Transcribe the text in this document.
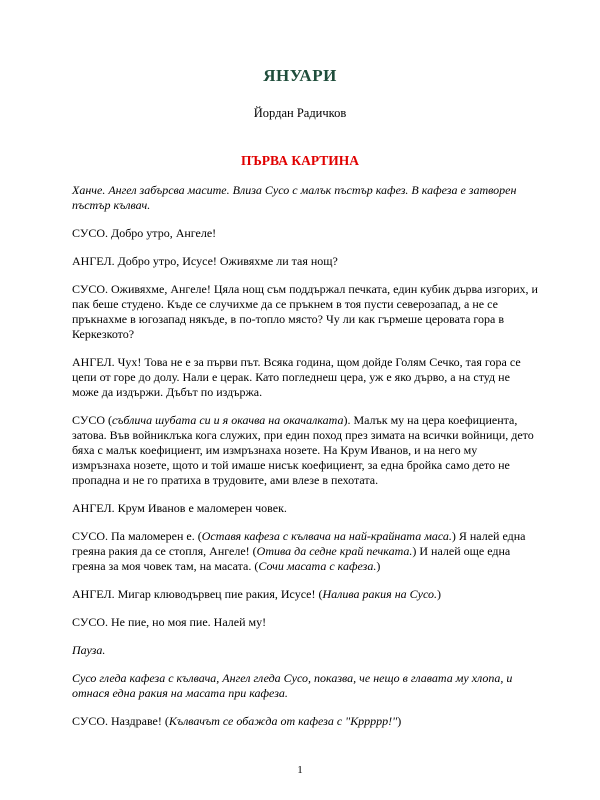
ЯНУАРИ
Йордан Радичков
ПЪРВА КАРТИНА

Ханче. Ангел забърсва масите. Влиза Сусо с малък пъстър кафез. В кафеза е затворен пъстър кълвач.

СУСО. Добро утро, Ангеле!

АНГЕЛ. Добро утро, Исусе! Оживяхме ли тая нощ?

СУСО. Оживяхме, Ангеле! Цяла нощ съм поддържал печката, един кубик дърва изгорих, и пак беше студено. Къде се случихме да се пръкнем в тоя пусти северозапад, а не се пръкнахме в югозапад някъде, в по-топло място? Чу ли как гърмеше церовата гора в Керкезкото?

АНГЕЛ. Чух! Това не е за първи път. Всяка година, щом дойде Голям Сечко, тая гора се цепи от горе до долу. Нали е церак. Като погледнеш цера, уж е яко дърво, а на студ не може да издържи. Дъбът по издържа.

СУСО (съблича шубата си и я окачва на окачалката). Малък му на цера коефициента, затова. Във войниклъка кога служих, при един поход през зимата на всички войници, дето бяха с малък коефициент, им измръзнаха нозете. На Крум Иванов, и на него му измръзнаха нозете, щото и той имаше нисък коефициент, за една бройка само дето не пропадна и не го пратиха в трудовите, ами влезе в пехотата.

АНГЕЛ. Крум Иванов е маломерен човек.

СУСО. Па маломерен е. (Оставя кафеза с кълвача на най-крайната маса.) Я налей една греяна ракия да се стопля, Ангеле! (Отива да седне край печката.) И налей още една греяна за моя човек там, на масата. (Сочи масата с кафеза.)

АНГЕЛ. Мигар клюводървец пие ракия, Исусе! (Налива ракия на Сусо.)

СУСО. Не пие, но моя пие. Налей му!

Пауза.

Сусо гледа кафеза с кълвача, Ангел гледа Сусо, показва, че нещо в главата му хлопа, и отнася една ракия на масата при кафеза.

СУСО. Наздраве! (Кълвачът се обажда от кафеза с "Кррррр!")

1
